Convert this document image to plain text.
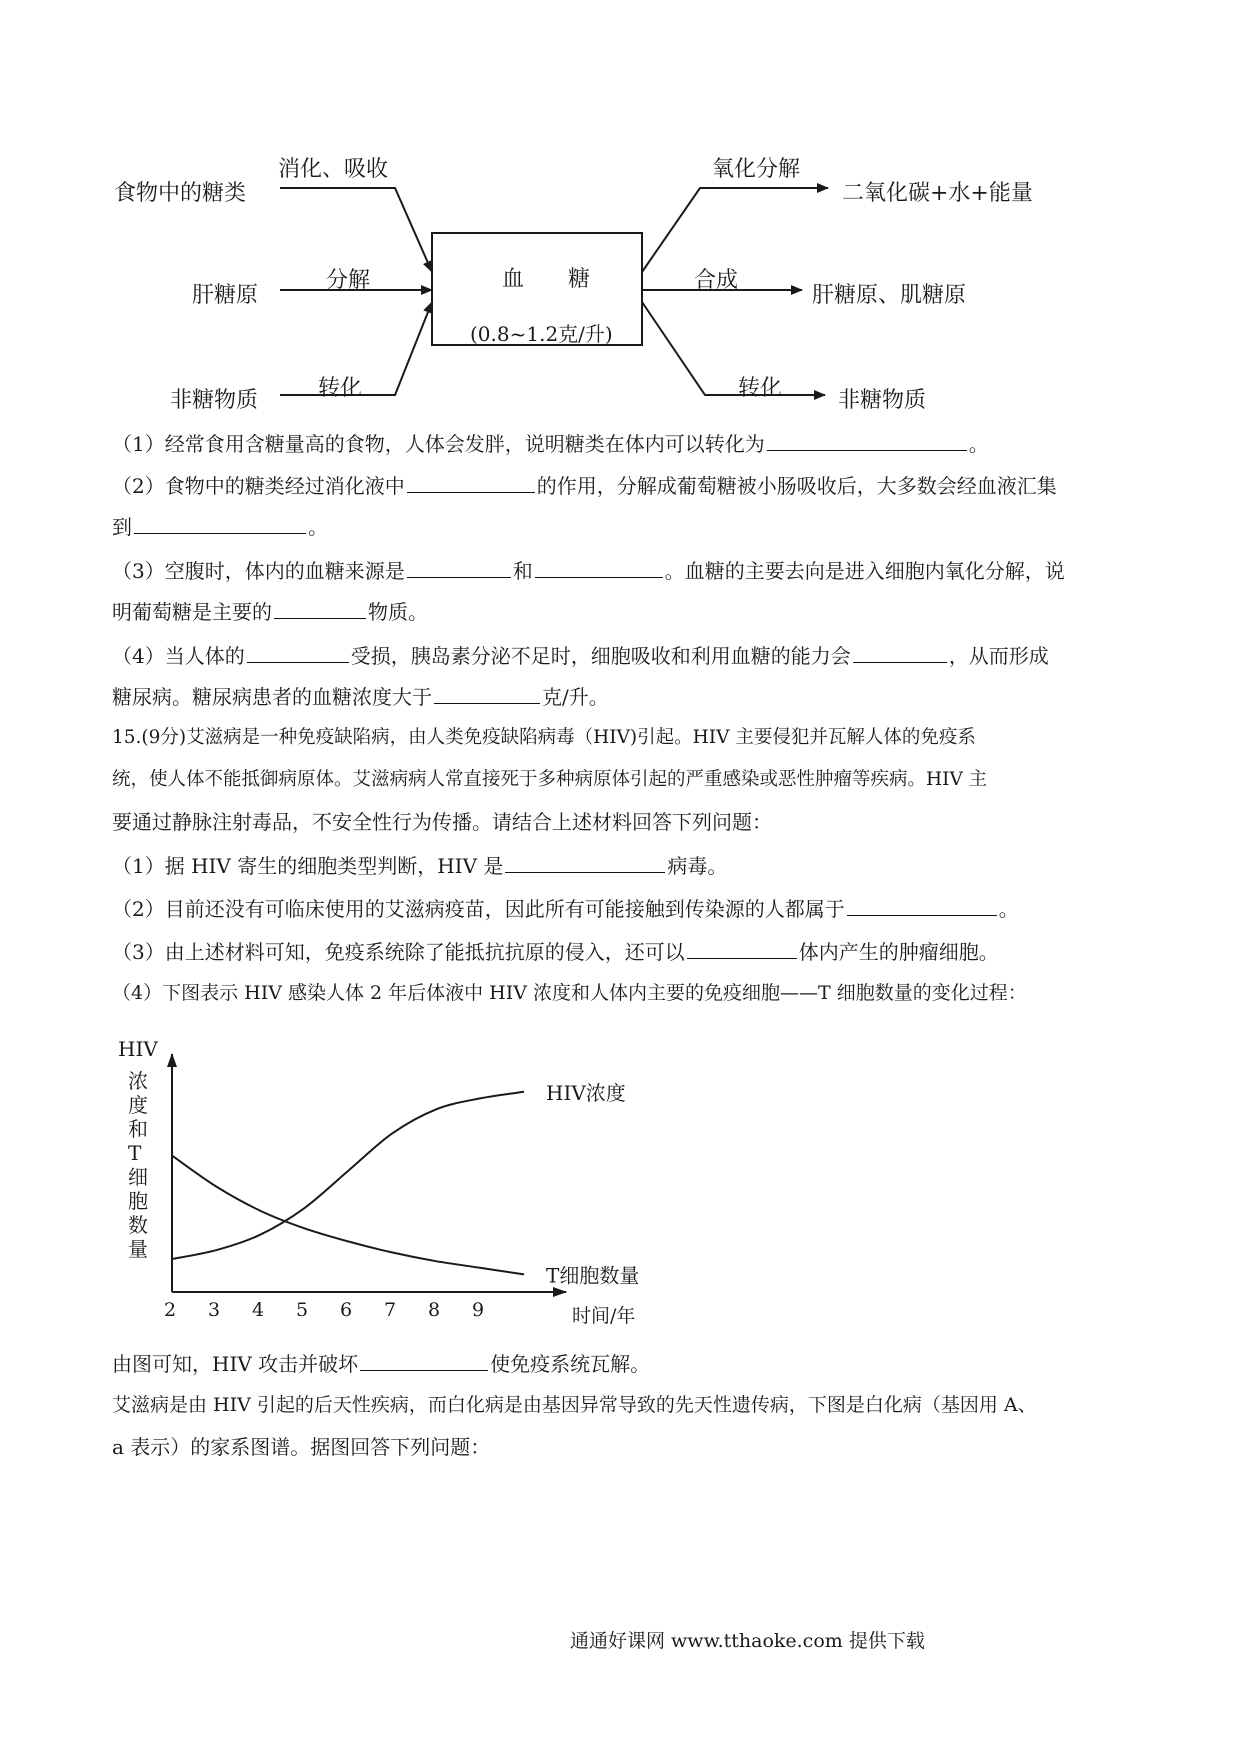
血　　糖
(0.8~1.2克/升)
食物中的糖类
消化、吸收
肝糖原
分解
非糖物质	转化
氧化分解
二氧化碳+水+能量
合成
肝糖原、肌糖原
转化	非糖物质
（1）经常食用含糖量高的食物，人体会发胖，说明糖类在体内可以转化为	。
（2）食物中的糖类经过消化液中	的作用，分解成葡萄糖被小肠吸收后，大多数会经血液汇集
到	。
（3）空腹时，体内的血糖来源是	和	。血糖的主要去向是进入细胞内氧化分解，说
明葡萄糖是主要的	物质。
（4）当人体的	受损，胰岛素分泌不足时，细胞吸收和利用血糖的能力会	，从而形成
糖尿病。糖尿病患者的血糖浓度大于	克/升。
15.(9分)艾滋病是一种免疫缺陷病，由人类免疫缺陷病毒（HIV)引起。HIV 主要侵犯并瓦解人体的免疫系
统，使人体不能抵御病原体。艾滋病病人常直接死于多种病原体引起的严重感染或恶性肿瘤等疾病。HIV 主
要通过静脉注射毒品，不安全性行为传播。请结合上述材料回答下列问题：
（1）据 HIV 寄生的细胞类型判断，HIV 是	病毒。
（2）目前还没有可临床使用的艾滋病疫苗，因此所有可能接触到传染源的人都属于	。
（3）由上述材料可知，免疫系统除了能抵抗抗原的侵入，还可以	体内产生的肿瘤细胞。
（4）下图表示 HIV 感染人体 2 年后体液中 HIV 浓度和人体内主要的免疫细胞——T 细胞数量的变化过程：
HIV
浓
度
和
T
细
胞
数
量
2 3 4 5 6 7 8 9	时间/年
HIV浓度
T细胞数量
由图可知，HIV 攻击并破坏	使免疫系统瓦解。
艾滋病是由 HIV 引起的后天性疾病，而白化病是由基因异常导致的先天性遗传病，下图是白化病（基因用 A、
a 表示）的家系图谱。据图回答下列问题：
通通好课网 www.tthaoke.com 提供下载
